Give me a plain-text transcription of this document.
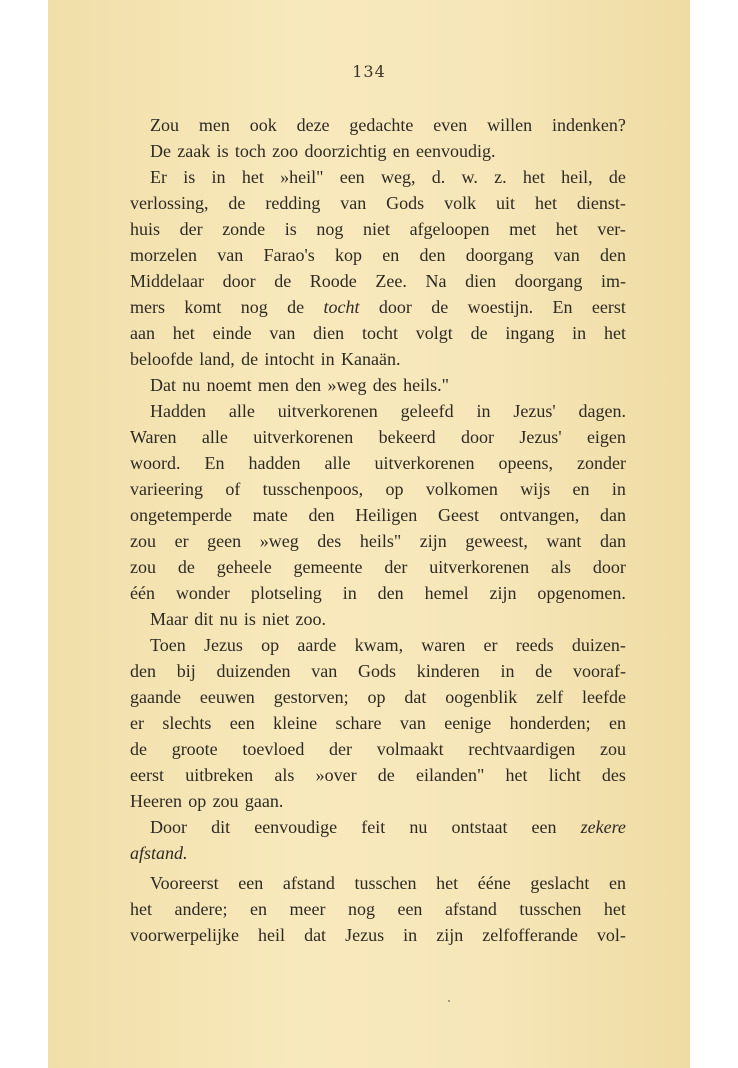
134
Zou men ook deze gedachte even willen indenken?
De zaak is toch zoo doorzichtig en eenvoudig.
Er is in het »heil" een weg, d. w. z. het heil, de
verlossing, de redding van Gods volk uit het dienst-
huis der zonde is nog niet afgeloopen met het ver-
morzelen van Farao's kop en den doorgang van den
Middelaar door de Roode Zee. Na dien doorgang im-
mers komt nog de tocht door de woestijn. En eerst
aan het einde van dien tocht volgt de ingang in het
beloofde land, de intocht in Kanaän.
Dat nu noemt men den »weg des heils."
Hadden alle uitverkorenen geleefd in Jezus' dagen.
Waren alle uitverkorenen bekeerd door Jezus' eigen
woord. En hadden alle uitverkorenen opeens, zonder
varieering of tusschenpoos, op volkomen wijs en in
ongetemperde mate den Heiligen Geest ontvangen, dan
zou er geen »weg des heils" zijn geweest, want dan
zou de geheele gemeente der uitverkorenen als door
één wonder plotseling in den hemel zijn opgenomen.
Maar dit nu is niet zoo.
Toen Jezus op aarde kwam, waren er reeds duizen-
den bij duizenden van Gods kinderen in de vooraf-
gaande eeuwen gestorven; op dat oogenblik zelf leefde
er slechts een kleine schare van eenige honderden; en
de groote toevloed der volmaakt rechtvaardigen zou
eerst uitbreken als »over de eilanden" het licht des
Heeren op zou gaan.
Door dit eenvoudige feit nu ontstaat een zekere
afstand.
Vooreerst een afstand tusschen het ééne geslacht en
het andere; en meer nog een afstand tusschen het
voorwerpelijke heil dat Jezus in zijn zelfofferande vol-
